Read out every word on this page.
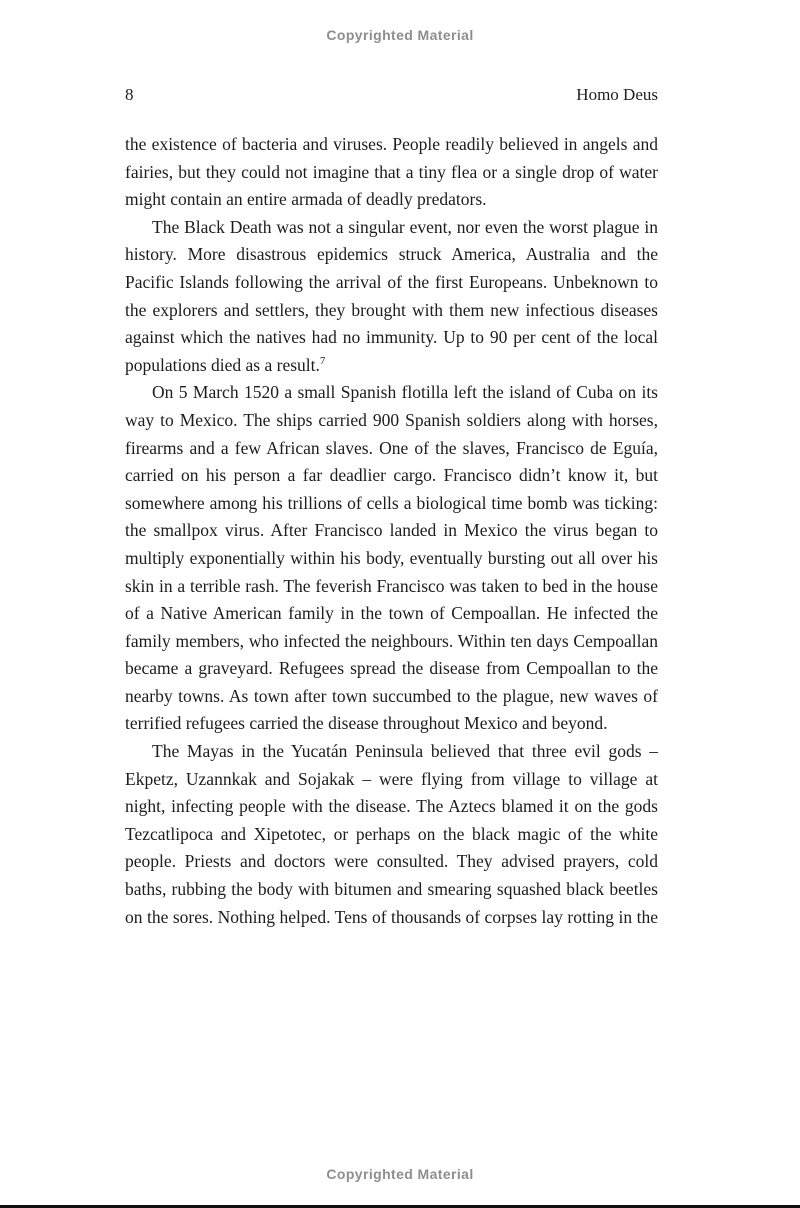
Copyrighted Material
8	Homo Deus

the existence of bacteria and viruses. People readily believed in angels and fairies, but they could not imagine that a tiny flea or a single drop of water might contain an entire armada of deadly predators.

The Black Death was not a singular event, nor even the worst plague in history. More disastrous epidemics struck America, Australia and the Pacific Islands following the arrival of the first Europeans. Unbeknown to the explorers and settlers, they brought with them new infectious diseases against which the natives had no immunity. Up to 90 per cent of the local populations died as a result.$^7$

On 5 March 1520 a small Spanish flotilla left the island of Cuba on its way to Mexico. The ships carried 900 Spanish soldiers along with horses, firearms and a few African slaves. One of the slaves, Francisco de Eguía, carried on his person a far deadlier cargo. Francisco didn’t know it, but somewhere among his trillions of cells a biological time bomb was ticking: the smallpox virus. After Francisco landed in Mexico the virus began to multiply exponentially within his body, eventually bursting out all over his skin in a terrible rash. The feverish Francisco was taken to bed in the house of a Native American family in the town of Cempoallan. He infected the family members, who infected the neighbours. Within ten days Cempoallan became a graveyard. Refugees spread the disease from Cempoallan to the nearby towns. As town after town succumbed to the plague, new waves of terrified refugees carried the disease throughout Mexico and beyond.

The Mayas in the Yucatán Peninsula believed that three evil gods – Ekpetz, Uzannkak and Sojakak – were flying from village to village at night, infecting people with the disease. The Aztecs blamed it on the gods Tezcatlipoca and Xipetotec, or perhaps on the black magic of the white people. Priests and doctors were consulted. They advised prayers, cold baths, rubbing the body with bitumen and smearing squashed black beetles on the sores. Nothing helped. Tens of thousands of corpses lay rotting in the

Copyrighted Material
